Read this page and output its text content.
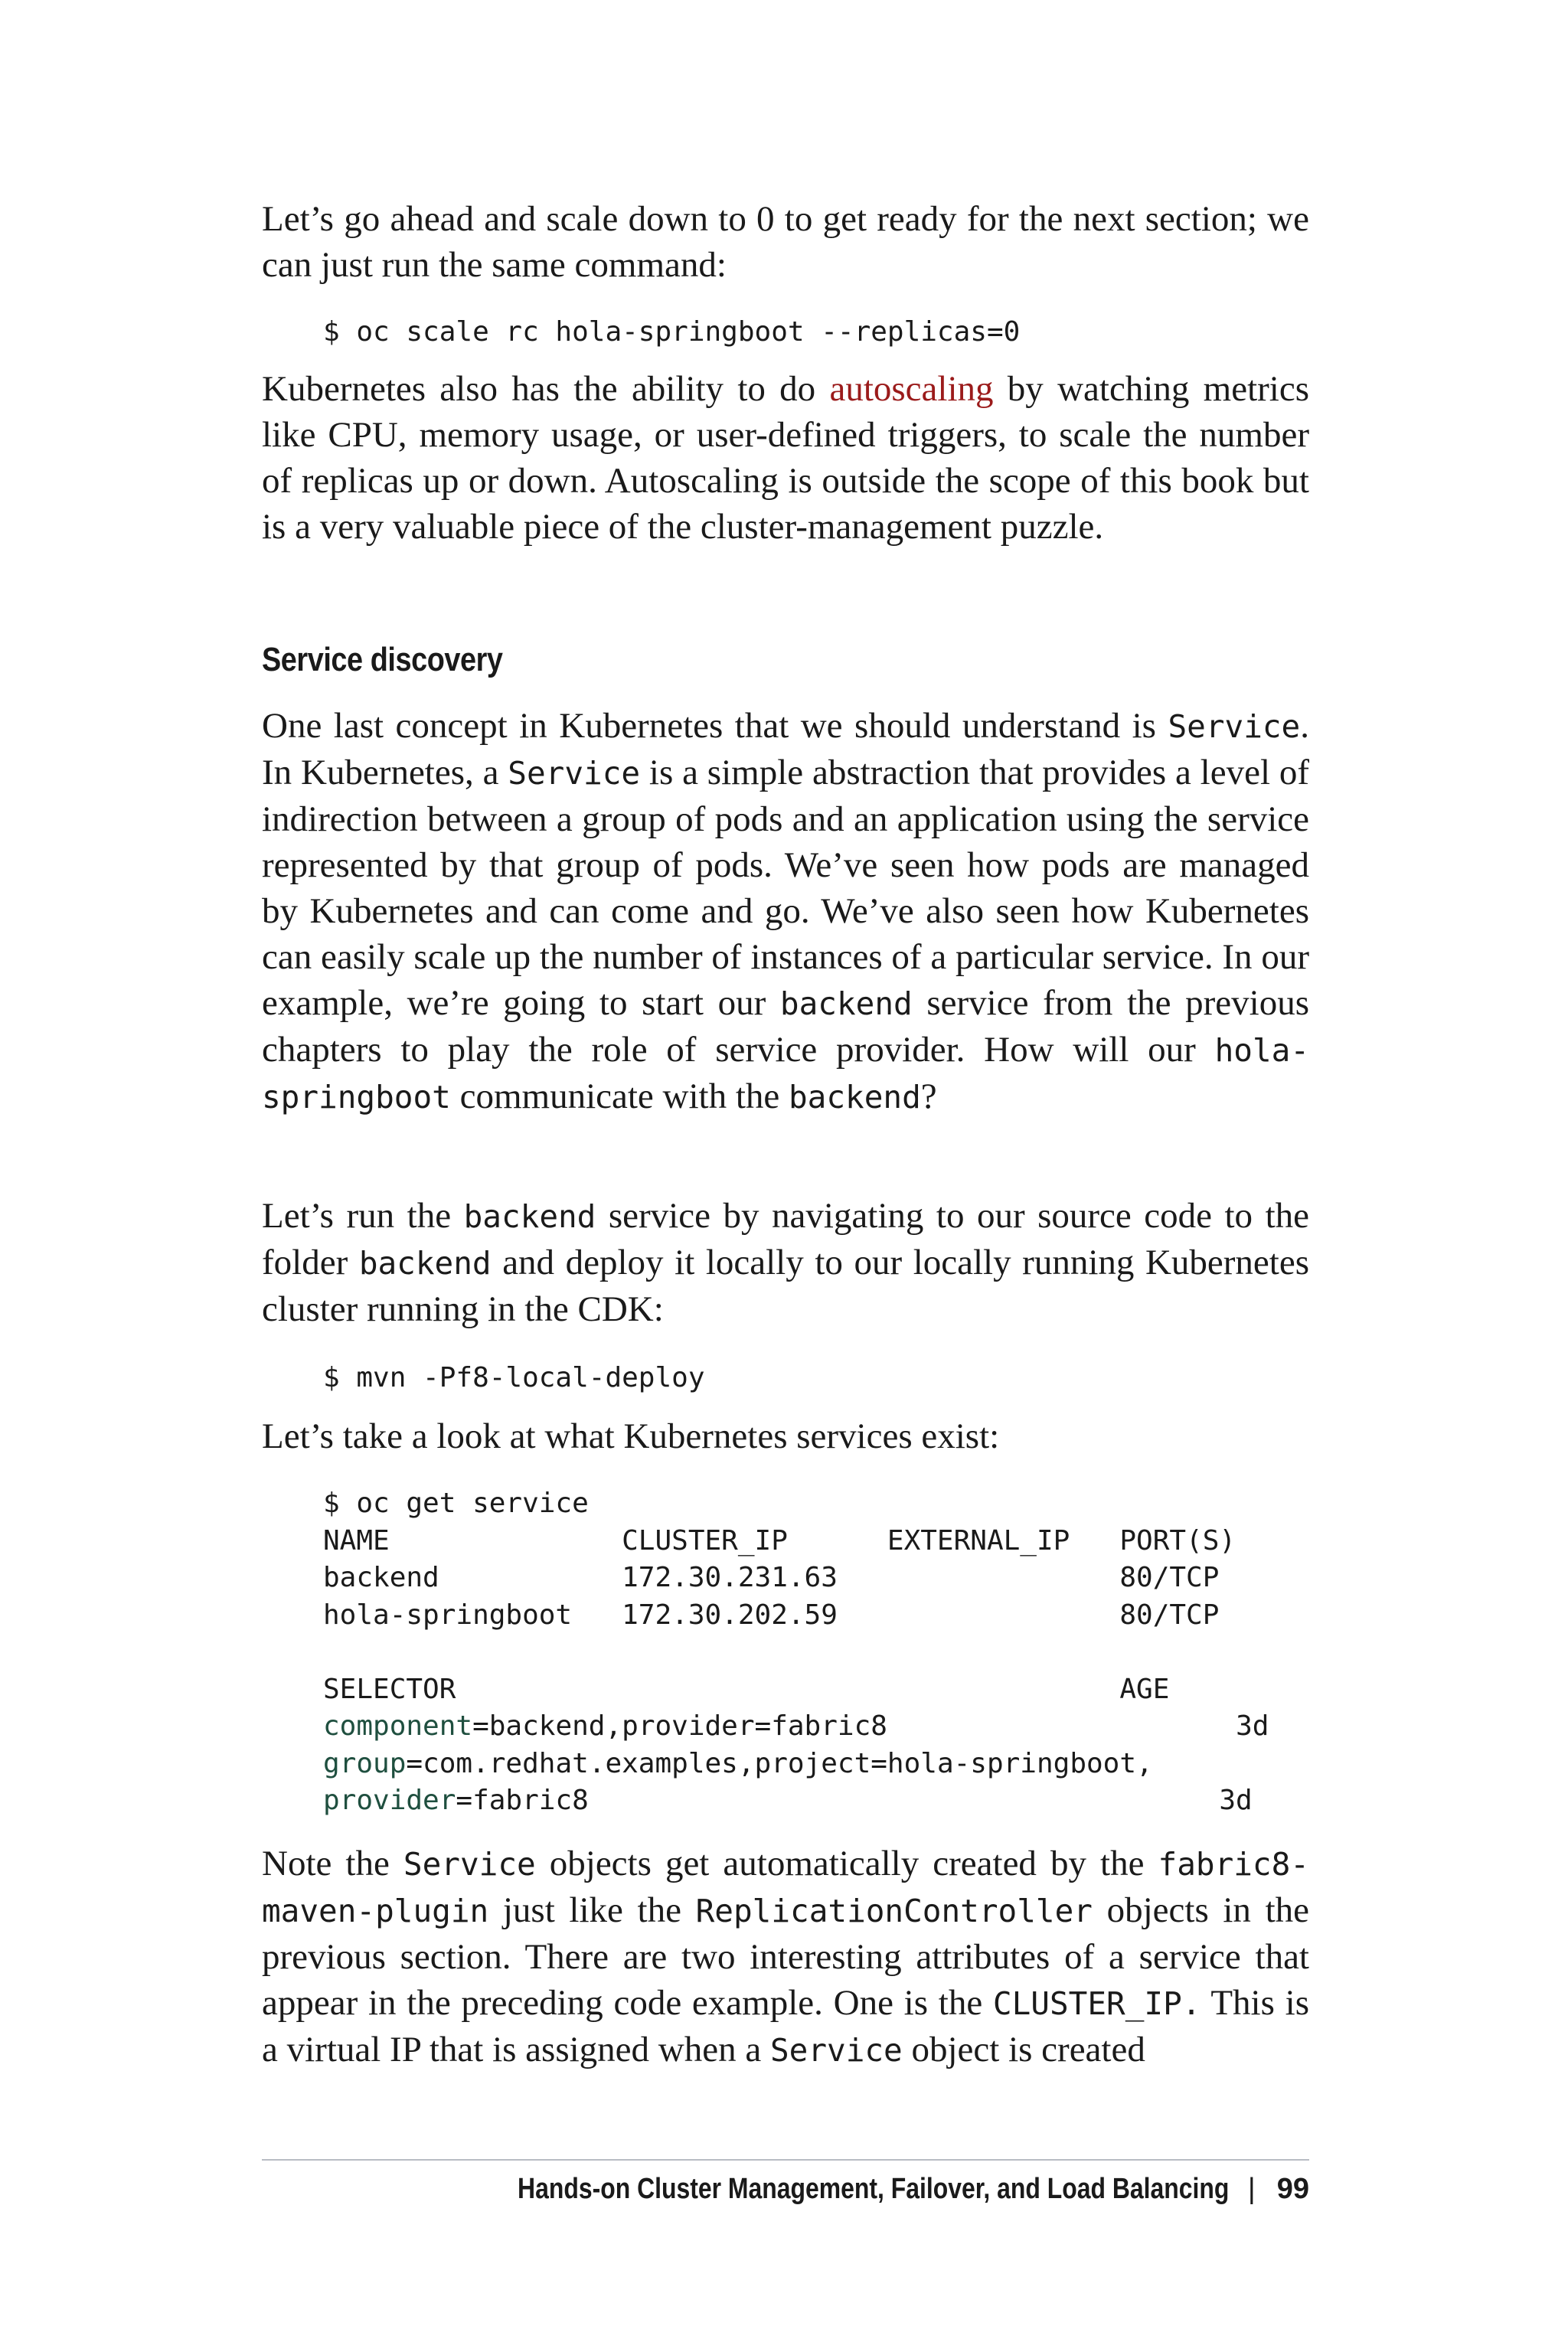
Let’s go ahead and scale down to 0 to get ready for the next section; we can just run the same command:

$ oc scale rc hola-springboot --replicas=0

Kubernetes also has the ability to do autoscaling by watching metrics like CPU, memory usage, or user-defined triggers, to scale the number of replicas up or down. Autoscaling is outside the scope of this book but is a very valuable piece of the cluster-management puzzle.

Service discovery

One last concept in Kubernetes that we should understand is Service. In Kubernetes, a Service is a simple abstraction that provides a level of indirection between a group of pods and an application using the service represented by that group of pods. We’ve seen how pods are managed by Kubernetes and can come and go. We’ve also seen how Kubernetes can easily scale up the number of instances of a particular service. In our example, we’re going to start our backend service from the previous chapters to play the role of service provider. How will our hola-springboot communicate with the backend?

Let’s run the backend service by navigating to our source code to the folder backend and deploy it locally to our locally running Kubernetes cluster running in the CDK:

$ mvn -Pf8-local-deploy

Let’s take a look at what Kubernetes services exist:

$ oc get service
NAME              CLUSTER_IP      EXTERNAL_IP   PORT(S)
backend           172.30.231.63                 80/TCP
hola-springboot   172.30.202.59                 80/TCP

SELECTOR                                        AGE
component=backend,provider=fabric8                     3d
group=com.redhat.examples,project=hola-springboot,
provider=fabric8                                      3d

Note the Service objects get automatically created by the fabric8-maven-plugin just like the ReplicationController objects in the previous section. There are two interesting attributes of a service that appear in the preceding code example. One is the CLUSTER_IP. This is a virtual IP that is assigned when a Service object is created

Hands-on Cluster Management, Failover, and Load Balancing | 99
